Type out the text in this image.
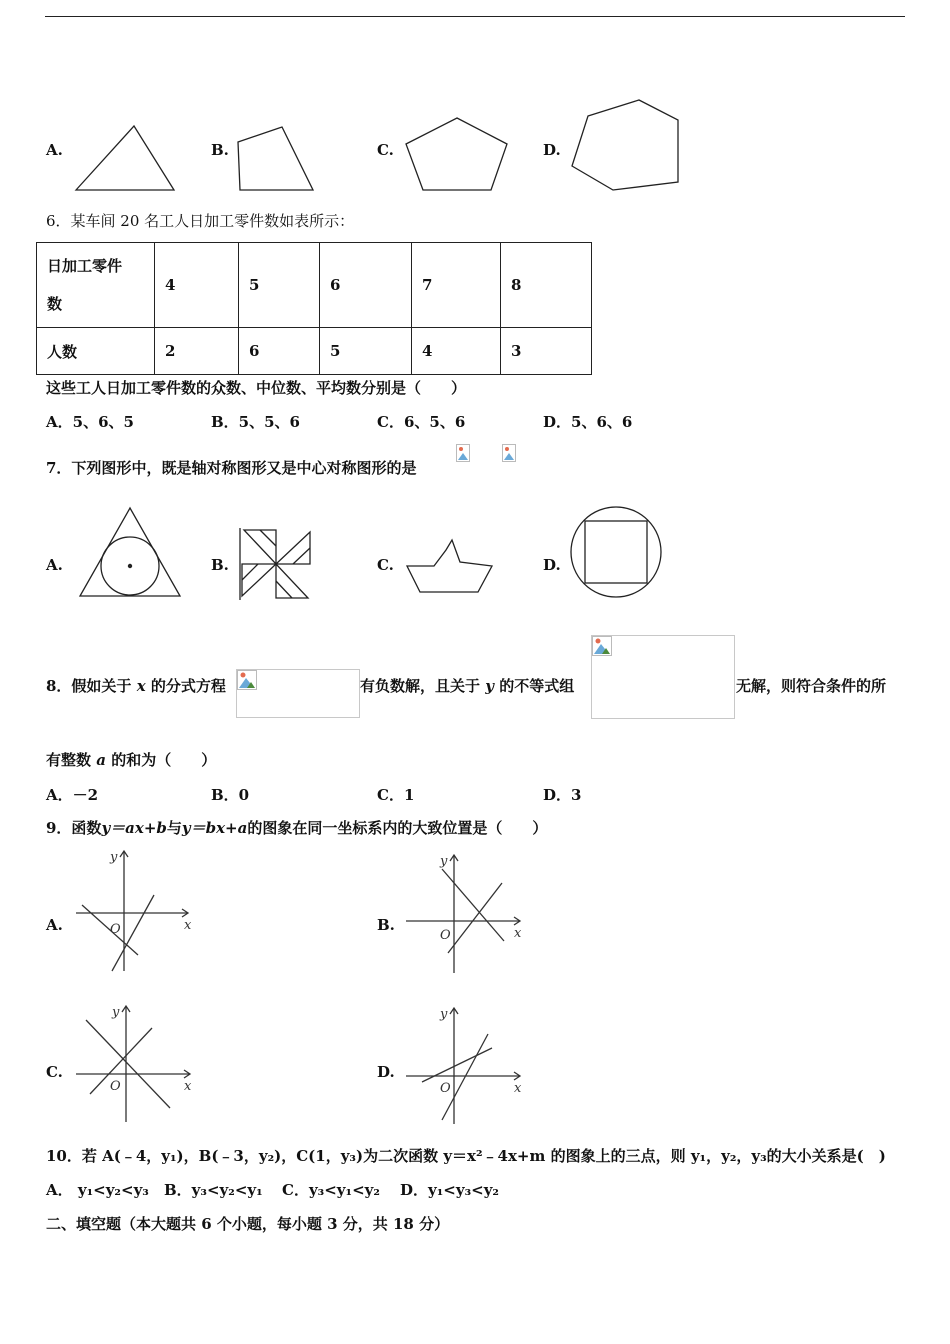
A.	B.	C.	D.
6．某车间 20 名工人日加工零件数如表所示：
日加工零件
数	4	5	6	7	8
人数	2	6	5	4	3
这些工人日加工零件数的众数、中位数、平均数分别是（　　）
A．5、6、5	B．5、5、6	C．6、5、6	D．5、6、6
7．下列图形中，既是轴对称图形又是中心对称图形的是
A.	B.	C.	D.
8．假如关于 x 的分式方程	有负数解，且关于 y 的不等式组	无解，则符合条件的所
有整数 a 的和为（　　）
A．－2	B．0	C．1	D．3
9．函数y＝ax+b与y＝bx+a的图象在同一坐标系内的大致位置是（　　）
A.
y
x
O	B.
y
x
O
C.
y
x
O
D.
y
x
O
10．若 A(﹣4，y₁)，B(﹣3，y₂)，C(1，y₃)为二次函数 y＝x²﹣4x+m 的图象上的三点，则 y₁，y₂，y₃的大小关系是(　)
A． y₁<y₂<y₃ B．y₃<y₂<y₁ C．y₃<y₁<y₂ D．y₁<y₃<y₂
二、填空题（本大题共 6 个小题，每小题 3 分，共 18 分）
